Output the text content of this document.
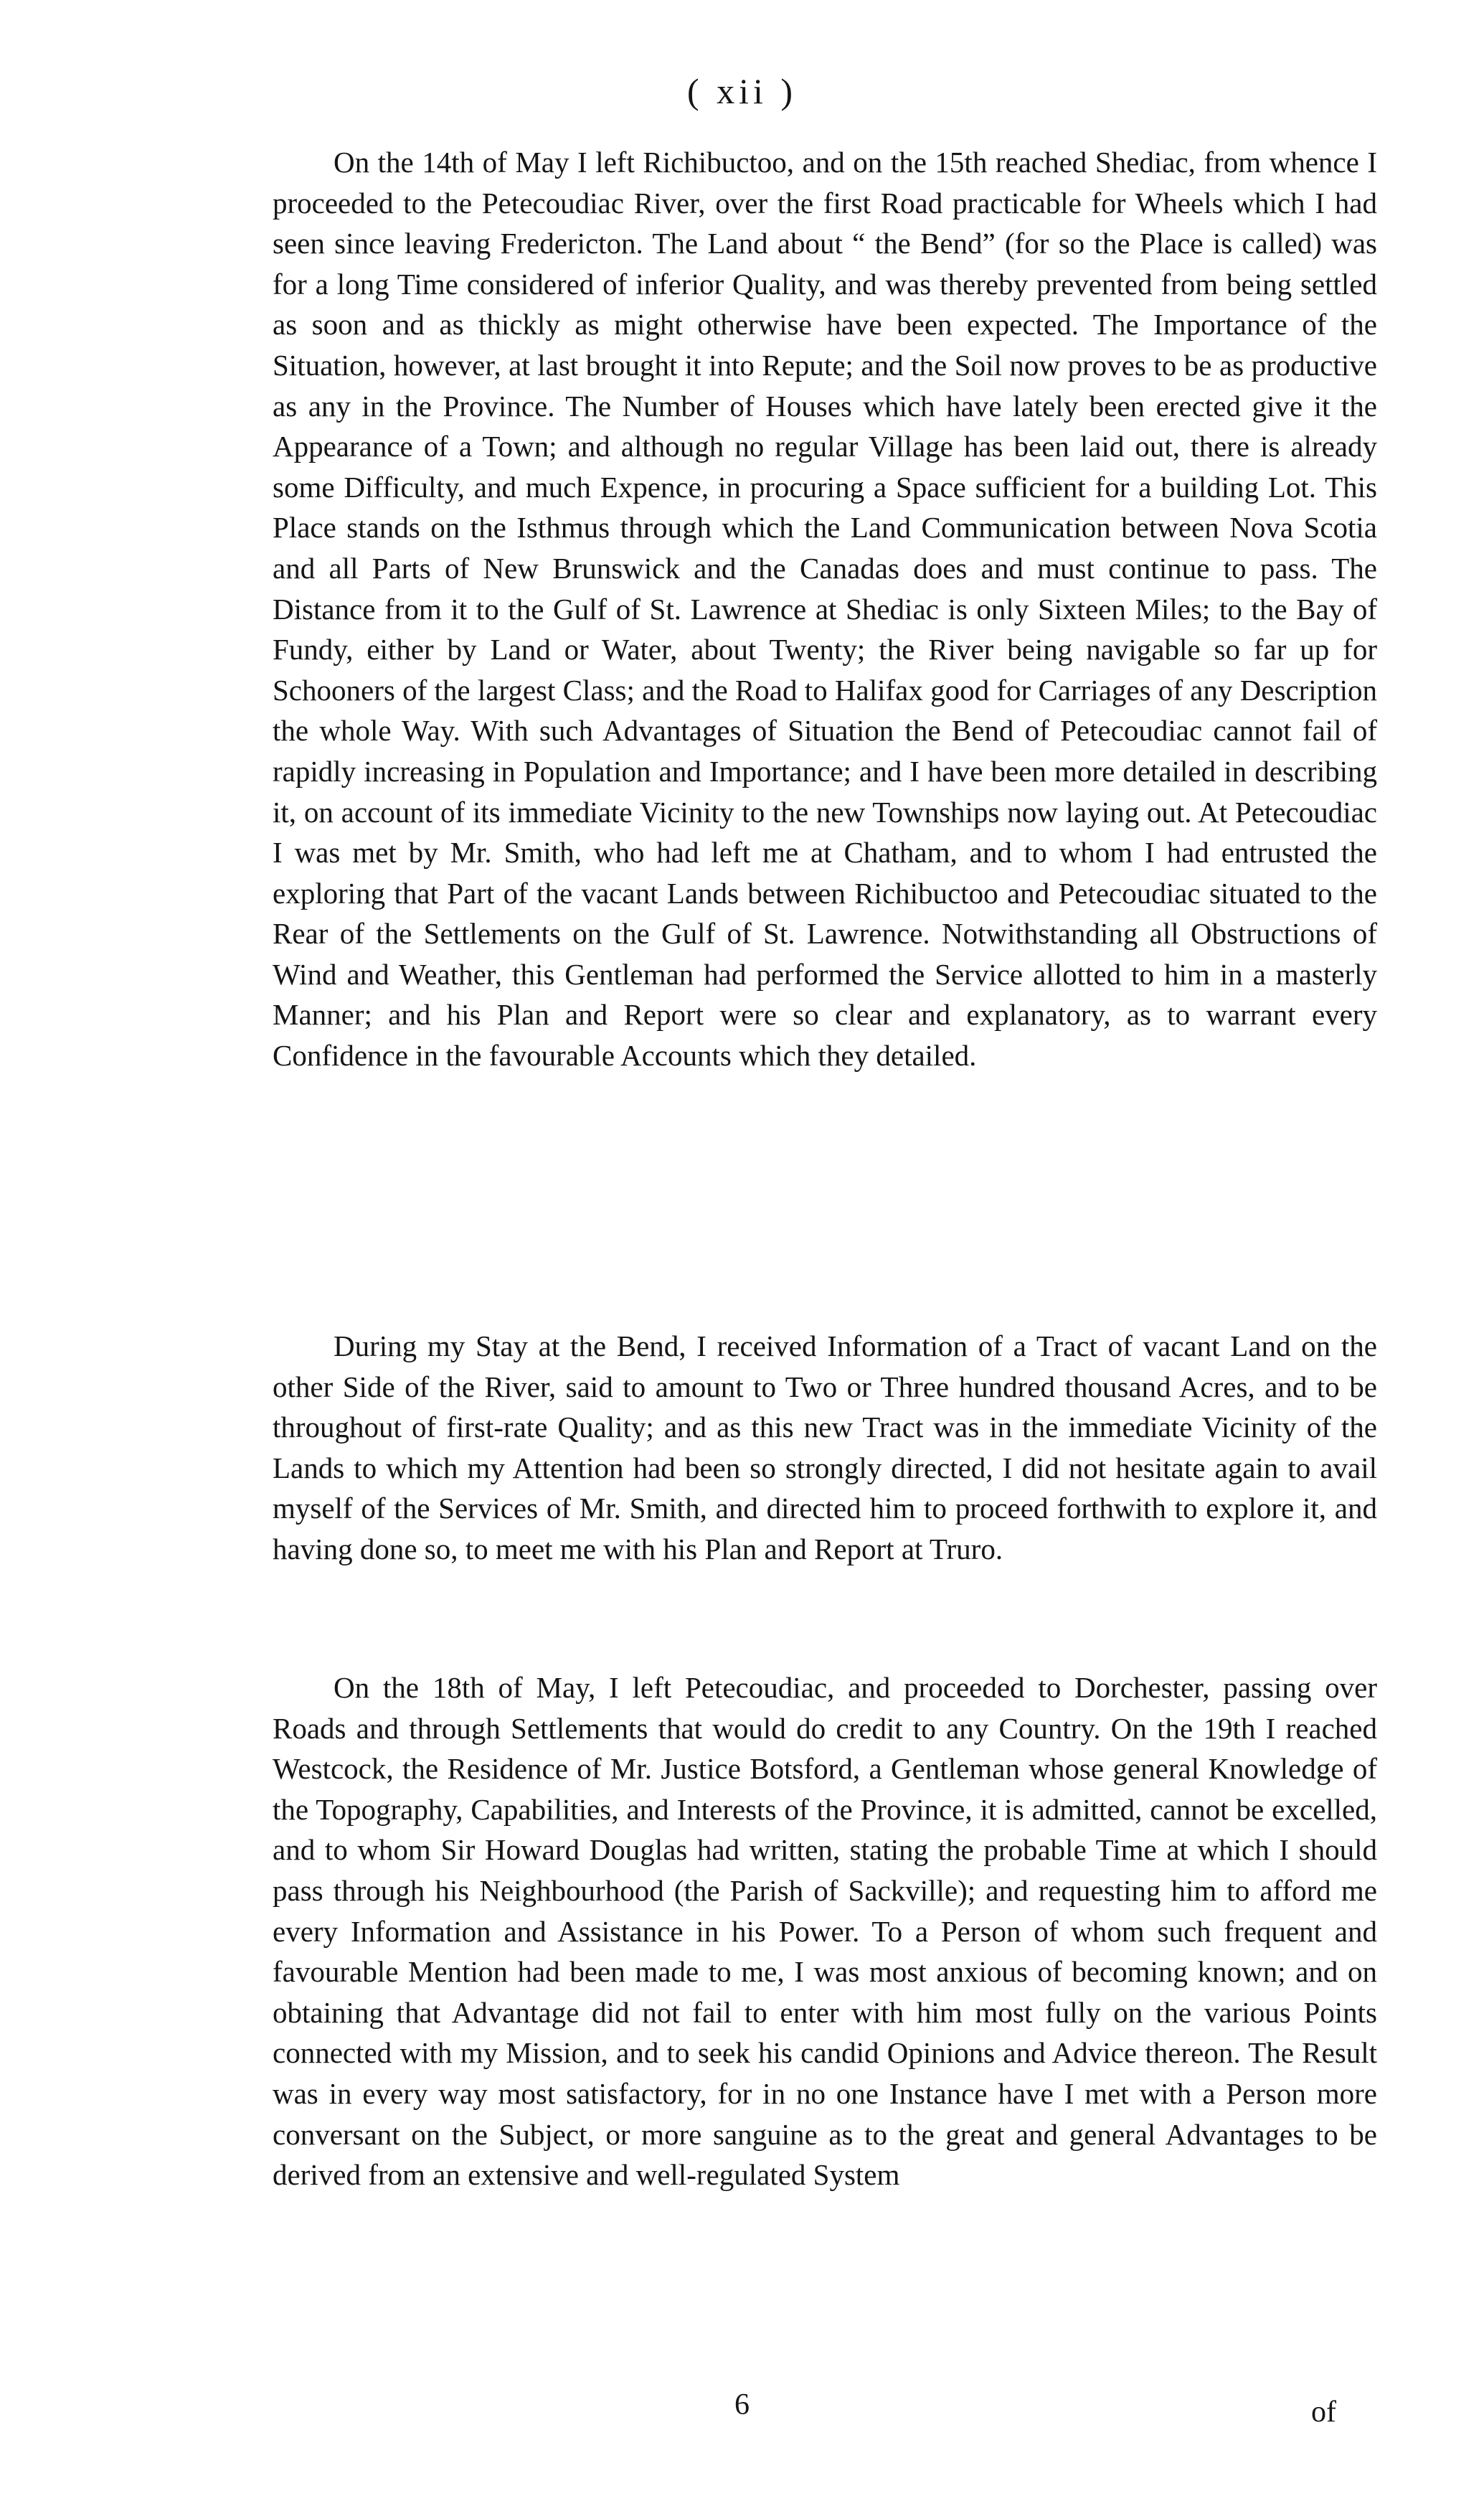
( xii )

On the 14th of May I left Richibuctoo, and on the 15th reached Shediac, from whence I proceeded to the Petecoudiac River, over the first Road practicable for Wheels which I had seen since leaving Fredericton. The Land about “ the Bend” (for so the Place is called) was for a long Time considered of inferior Quality, and was thereby prevented from being settled as soon and as thickly as might otherwise have been expected. The Importance of the Situation, however, at last brought it into Repute; and the Soil now proves to be as productive as any in the Province. The Number of Houses which have lately been erected give it the Appearance of a Town; and although no regular Village has been laid out, there is already some Difficulty, and much Expence, in procuring a Space sufficient for a building Lot. This Place stands on the Isthmus through which the Land Communication between Nova Scotia and all Parts of New Brunswick and the Canadas does and must continue to pass. The Distance from it to the Gulf of St. Lawrence at Shediac is only Sixteen Miles; to the Bay of Fundy, either by Land or Water, about Twenty; the River being navigable so far up for Schooners of the largest Class; and the Road to Halifax good for Carriages of any Description the whole Way. With such Advantages of Situation the Bend of Petecoudiac cannot fail of rapidly increasing in Population and Importance; and I have been more detailed in describing it, on account of its immediate Vicinity to the new Townships now laying out. At Petecoudiac I was met by Mr. Smith, who had left me at Chatham, and to whom I had entrusted the exploring that Part of the vacant Lands between Richibuctoo and Petecoudiac situated to the Rear of the Settlements on the Gulf of St. Lawrence. Notwithstanding all Obstructions of Wind and Weather, this Gentleman had performed the Service allotted to him in a masterly Manner; and his Plan and Report were so clear and explanatory, as to warrant every Confidence in the favourable Accounts which they detailed.

During my Stay at the Bend, I received Information of a Tract of vacant Land on the other Side of the River, said to amount to Two or Three hundred thousand Acres, and to be throughout of first-rate Quality; and as this new Tract was in the immediate Vicinity of the Lands to which my Attention had been so strongly directed, I did not hesitate again to avail myself of the Services of Mr. Smith, and directed him to proceed forthwith to explore it, and having done so, to meet me with his Plan and Report at Truro.

On the 18th of May, I left Petecoudiac, and proceeded to Dorchester, passing over Roads and through Settlements that would do credit to any Country. On the 19th I reached Westcock, the Residence of Mr. Justice Botsford, a Gentleman whose general Knowledge of the Topography, Capabilities, and Interests of the Province, it is admitted, cannot be excelled, and to whom Sir Howard Douglas had written, stating the probable Time at which I should pass through his Neighbourhood (the Parish of Sackville); and requesting him to afford me every Information and Assistance in his Power. To a Person of whom such frequent and favourable Mention had been made to me, I was most anxious of becoming known; and on obtaining that Advantage did not fail to enter with him most fully on the various Points connected with my Mission, and to seek his candid Opinions and Advice thereon. The Result was in every way most satisfactory, for in no one Instance have I met with a Person more conversant on the Subject, or more sanguine as to the great and general Advantages to be derived from an extensive and well-regulated System

6	of
